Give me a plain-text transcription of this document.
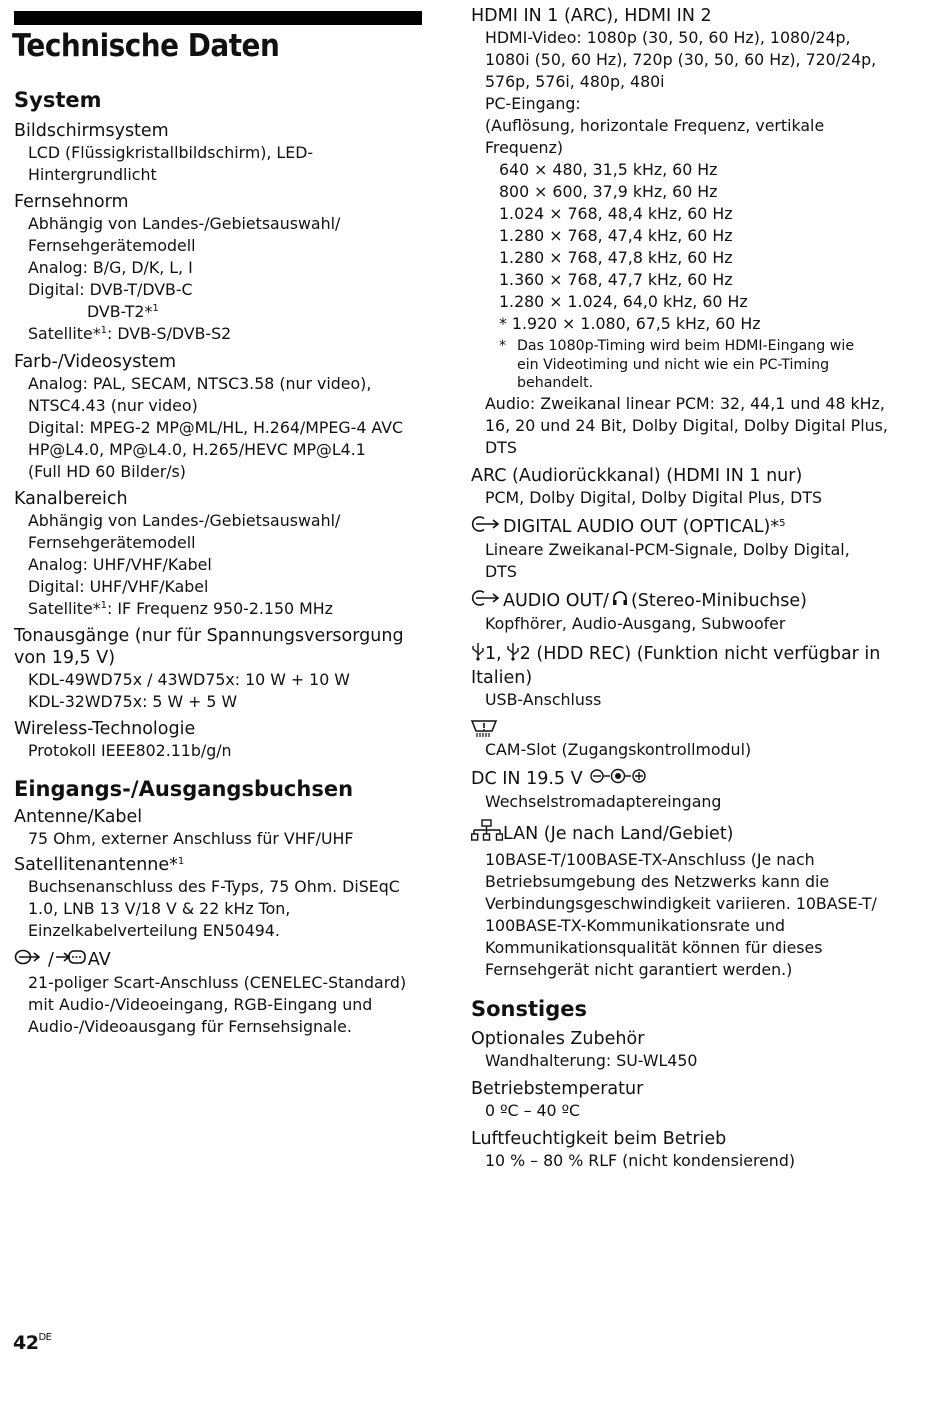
Technische Daten

System

Bildschirmsystem

LCD (Flüssigkristallbildschirm), LED-

Hintergrundlicht

Fernsehnorm

Abhängig von Landes-/Gebietsauswahl/

Fernsehgerätemodell

Analog: B/G, D/K, L, I

Digital: DVB-T/DVB-C

DVB-T2*$^1$

Satellite*$^1$: DVB-S/DVB-S2

Farb-/Videosystem

Analog: PAL, SECAM, NTSC3.58 (nur video),

NTSC4.43 (nur video)

Digital: MPEG-2 MP@ML/HL, H.264/MPEG-4 AVC

HP@L4.0, MP@L4.0, H.265/HEVC MP@L4.1

(Full HD 60 Bilder/s)

Kanalbereich

Abhängig von Landes-/Gebietsauswahl/

Fernsehgerätemodell

Analog: UHF/VHF/Kabel

Digital: UHF/VHF/Kabel

Satellite*$^1$: IF Frequenz 950-2.150 MHz

Tonausgänge (nur für Spannungsversorgung

von 19,5 V)

KDL-49WD75x / 43WD75x: 10 W + 10 W

KDL-32WD75x: 5 W + 5 W

Wireless-Technologie

Protokoll IEEE802.11b/g/n

Eingangs-/Ausgangsbuchsen

Antenne/Kabel

75 Ohm, externer Anschluss für VHF/UHF

Satellitenantenne*$^1$

Buchsenanschluss des F-Typs, 75 Ohm. DiSEqC

1.0, LNB 13 V/18 V & 22 kHz Ton,

Einzelkabelverteilung EN50494.

/ AV

21-poliger Scart-Anschluss (CENELEC-Standard)

mit Audio-/Videoeingang, RGB-Eingang und

Audio-/Videoausgang für Fernsehsignale.

HDMI IN 1 (ARC), HDMI IN 2

HDMI-Video: 1080p (30, 50, 60 Hz), 1080/24p,

1080i (50, 60 Hz), 720p (30, 50, 60 Hz), 720/24p,

576p, 576i, 480p, 480i

PC-Eingang:

(Auflösung, horizontale Frequenz, vertikale

Frequenz)

640 × 480, 31,5 kHz, 60 Hz

800 × 600, 37,9 kHz, 60 Hz

1.024 × 768, 48,4 kHz, 60 Hz

1.280 × 768, 47,4 kHz, 60 Hz

1.280 × 768, 47,8 kHz, 60 Hz

1.360 × 768, 47,7 kHz, 60 Hz

1.280 × 1.024, 64,0 kHz, 60 Hz

* 1.920 × 1.080, 67,5 kHz, 60 Hz

* Das 1080p-Timing wird beim HDMI-Eingang wie
ein Videotiming und nicht wie ein PC-Timing
behandelt.

Audio: Zweikanal linear PCM: 32, 44,1 und 48 kHz,

16, 20 und 24 Bit, Dolby Digital, Dolby Digital Plus,

DTS

ARC (Audiorückkanal) (HDMI IN 1 nur)

PCM, Dolby Digital, Dolby Digital Plus, DTS

DIGITAL AUDIO OUT (OPTICAL)*$^5$

Lineare Zweikanal-PCM-Signale, Dolby Digital,

DTS

AUDIO OUT/ (Stereo-Minibuchse)

Kopfhörer, Audio-Ausgang, Subwoofer

1, 2 (HDD REC) (Funktion nicht verfügbar in

Italien)

USB-Anschluss

CAM-Slot (Zugangskontrollmodul)

DC IN 19.5 V

Wechselstromadaptereingang

LAN (Je nach Land/Gebiet)

10BASE-T/100BASE-TX-Anschluss (Je nach

Betriebsumgebung des Netzwerks kann die

Verbindungsgeschwindigkeit variieren. 10BASE-T/

100BASE-TX-Kommunikationsrate und

Kommunikationsqualität können für dieses

Fernsehgerät nicht garantiert werden.)

Sonstiges

Optionales Zubehör

Wandhalterung: SU-WL450

Betriebstemperatur

0 ºC – 40 ºC

Luftfeuchtigkeit beim Betrieb

10 % – 80 % RLF (nicht kondensierend)

42DE
